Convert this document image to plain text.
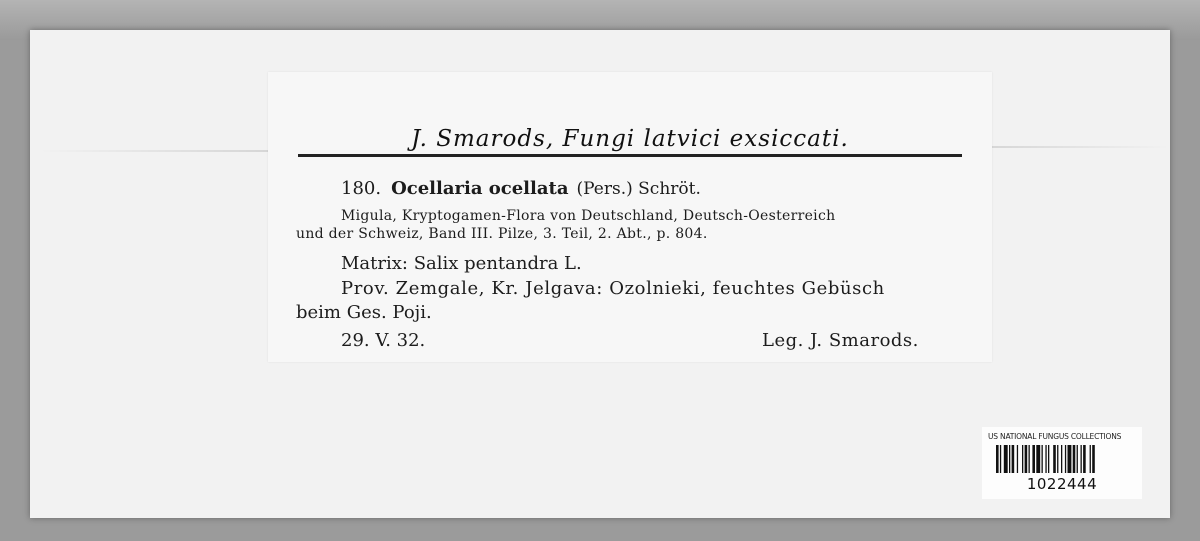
J. Smarods, Fungi latvici exsiccati.
180. Ocellaria ocellata (Pers.) Schröt.
Migula, Kryptogamen-Flora von Deutschland, Deutsch-Oesterreich
und der Schweiz, Band III. Pilze, 3. Teil, 2. Abt., p. 804.
Matrix: Salix pentandra L.
Prov. Zemgale, Kr. Jelgava: Ozolnieki, feuchtes Gebüsch
beim Ges. Poji.
29. V. 32.	Leg. J. Smarods.
US NATIONAL FUNGUS COLLECTIONS
1022444
